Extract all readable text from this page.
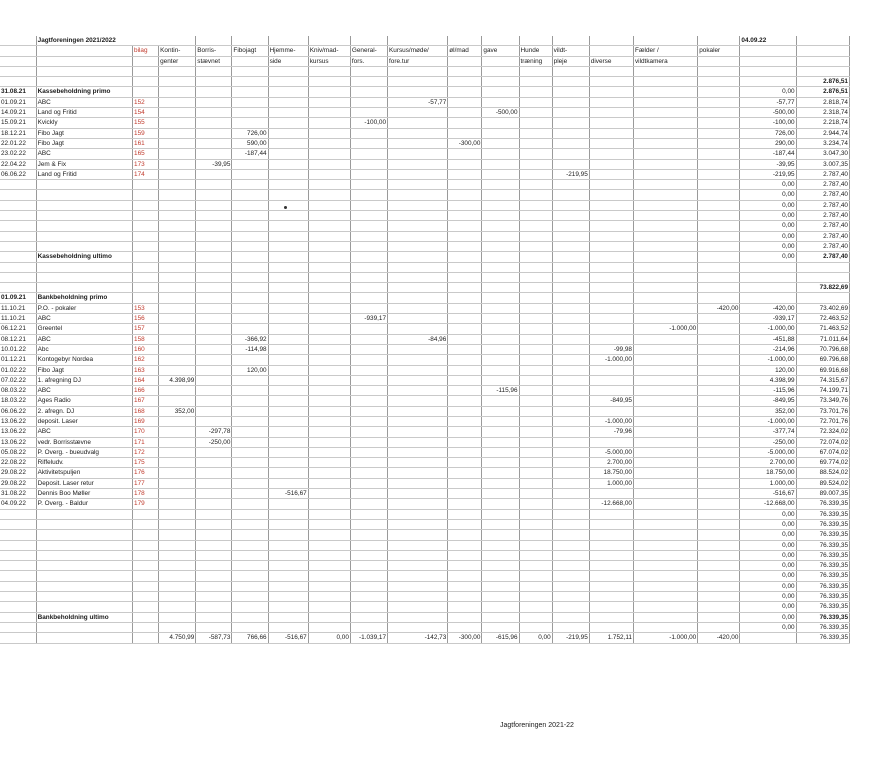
	Jagtforeningen 2021/2022																04.09.22	
		bilag	Kontin-	Borris-	Fibojagt	Hjemme-	Kniv/mad-	General-	Kursus/møde/	øl/mad	gave	Hunde	vildt-		Fælder /	pokaler		
			genter	stævnet		side	kursus	fors.	fore.tur			træning	pleje	diverse	vildtkamera			

																		2.876,51
31.08.21	Kassebeholdning primo																0,00	2.876,51
01.09.21	ABC	152							-57,77								-57,77	2.818,74
14.09.21	Land og Fritid	154									-500,00						-500,00	2.318,74
15.09.21	Kvickly	155						-100,00									-100,00	2.218,74
18.12.21	Fibo Jagt	159			726,00												726,00	2.944,74
22.01.22	Fibo Jagt	161			590,00					-300,00							290,00	3.234,74
23.02.22	ABC	165			-187,44												-187,44	3.047,30
22.04.22	Jem & Fix	173		-39,95													-39,95	3.007,35
06.06.22	Land og Fritid	174											-219,95				-219,95	2.787,40
																	0,00	2.787,40
																	0,00	2.787,40
																	0,00	2.787,40
																	0,00	2.787,40
																	0,00	2.787,40
																	0,00	2.787,40
																	0,00	2.787,40
	Kassebeholdning ultimo																0,00	2.787,40

																		73.822,69
01.09.21	Bankbeholdning primo																	
11.10.21	P.O. - pokaler	153														-420,00	-420,00	73.402,69
11.10.21	ABC	156						-939,17									-939,17	72.463,52
06.12.21	Greentel	157													-1.000,00		-1.000,00	71.463,52
08.12.21	ABC	158			-366,92				-84,96								-451,88	71.011,64
10.01.22	Abc	160			-114,98									-99,98			-214,96	70.796,68
01.12.21	Kontogebyr Nordea	162												-1.000,00			-1.000,00	69.796,68
01.02.22	Fibo Jagt	163			120,00												120,00	69.916,68
07.02.22	1. afregning DJ	164	4.398,99														4.398,99	74.315,67
08.03.22	ABC	166									-115,96						-115,96	74.199,71
18.03.22	Ages Radio	167												-849,95			-849,95	73.349,76
06.06.22	2. afregn. DJ	168	352,00														352,00	73.701,76
13.06.22	deposit. Laser	169												-1.000,00			-1.000,00	72.701,76
13.06.22	ABC	170		-297,78										-79,96			-377,74	72.324,02
13.06.22	vedr. Borrisstævne	171		-250,00													-250,00	72.074,02
05.08.22	P. Overg. - bueudvalg	172												-5.000,00			-5.000,00	67.074,02
22.08.22	Riffeludv.	175												2.700,00			2.700,00	69.774,02
29.08.22	Aktivitetspuljen	176												18.750,00			18.750,00	88.524,02
29.08.22	Deposit. Laser retur	177												1.000,00			1.000,00	89.524,02
31.08.22	Dennis Boo Møller	178				-516,67											-516,67	89.007,35
04.09.22	P. Overg. - Baldur	179												-12.668,00			-12.668,00	76.339,35
																	0,00	76.339,35
																	0,00	76.339,35
																	0,00	76.339,35
																	0,00	76.339,35
																	0,00	76.339,35
																	0,00	76.339,35
																	0,00	76.339,35
																	0,00	76.339,35
																	0,00	76.339,35
																	0,00	76.339,35
	Bankbeholdning ultimo																0,00	76.339,35
																	0,00	76.339,35
			4.750,99	-587,73	766,66	-516,67	0,00	-1.039,17	-142,73	-300,00	-615,96	0,00	-219,95	1.752,11	-1.000,00	-420,00		76.339,35
Jagtforeningen 2021-22
